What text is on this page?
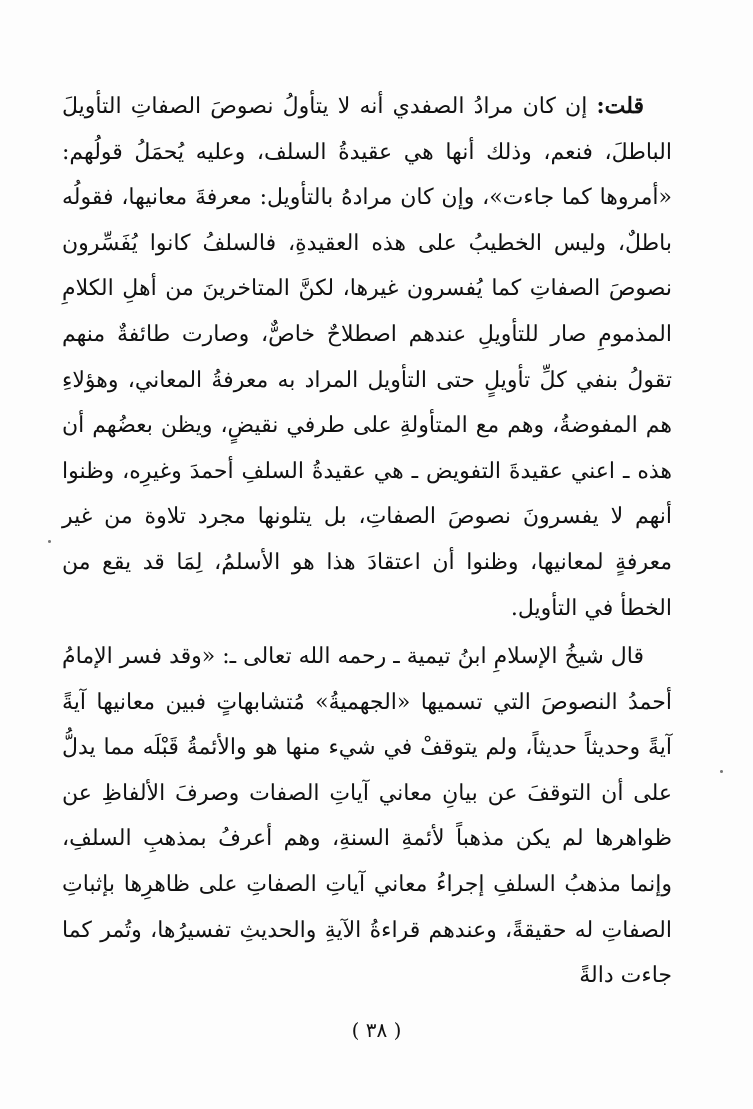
قلت: إن كان مرادُ الصفدي أنه لا يتأولُ نصوصَ الصفاتِ التأويلَ الباطلَ، فنعم، وذلك أنها هي عقيدةُ السلف، وعليه يُحمَلُ قولُهم: «أمروها كما جاءت»، وإن كان مرادهُ بالتأويل: معرفةَ معانيها، فقولُه باطلٌ، وليس الخطيبُ على هذه العقيدةِ، فالسلفُ كانوا يُفَسِّرون نصوصَ الصفاتِ كما يُفسرون غيرها، لكنَّ المتاخرينَ من أهلِ الكلامِ المذمومِ صار للتأويلِ عندهم اصطلاحٌ خاصٌّ، وصارت طائفةٌ منهم تقولُ بنفي كلِّ تأويلٍ حتى التأويل المراد به معرفةُ المعاني، وهؤلاءِ هم المفوضةُ، وهم مع المتأولةِ على طرفي نقيضٍ، ويظن بعضُهم أن هذه ـ اعني عقيدةَ التفويض ـ هي عقيدةُ السلفِ أحمدَ وغيرِه، وظنوا أنهم لا يفسرونَ نصوصَ الصفاتِ، بل يتلونها مجرد تلاوة من غير معرفةٍ لمعانيها، وظنوا أن اعتقادَ هذا هو الأسلمُ، لِمَا قد يقع من الخطأ في التأويل.

قال شيخُ الإسلامِ ابنُ تيمية ـ رحمه الله تعالى ـ: «وقد فسر الإمامُ أحمدُ النصوصَ التي تسميها «الجهميةُ» مُتشابهاتٍ فبين معانيها آيةً آيةً وحديثاً حديثاً، ولم يتوقفْ في شيء منها هو والأئمةُ قَبْلَه مما يدلُّ على أن التوقفَ عن بيانِ معاني آياتِ الصفات وصرفَ الألفاظِ عن ظواهرها لم يكن مذهباً لأئمةِ السنةِ، وهم أعرفُ بمذهبِ السلفِ، وإنما مذهبُ السلفِ إجراءُ معاني آياتِ الصفاتِ على ظاهرِها بإثباتِ الصفاتِ له حقيقةً، وعندهم قراءةُ الآيةِ والحديثِ تفسيرُها، وتُمر كما جاءت دالةً

( ٣٨ )
